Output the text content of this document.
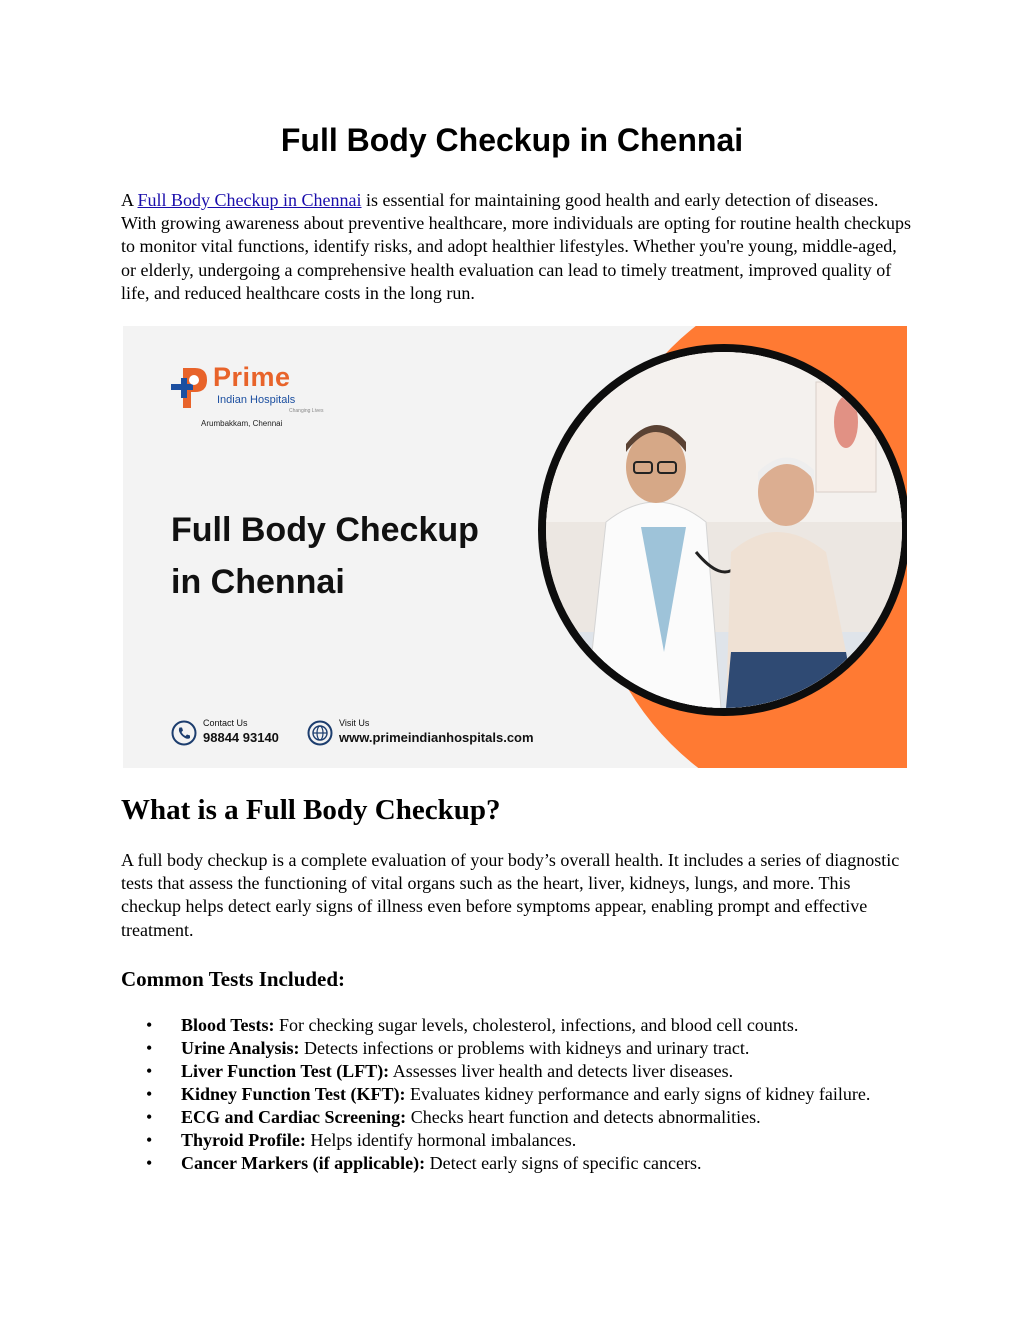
Full Body Checkup in Chennai

A Full Body Checkup in Chennai is essential for maintaining good health and early detection of diseases. With growing awareness about preventive healthcare, more individuals are opting for routine health checkups to monitor vital functions, identify risks, and adopt healthier lifestyles. Whether you're young, middle-aged, or elderly, undergoing a comprehensive health evaluation can lead to timely treatment, improved quality of life, and reduced healthcare costs in the long run.

Prime
Indian Hospitals
Changing Lives
Arumbakkam, Chennai
Full Body Checkup
in Chennai
Contact Us
98844 93140
Visit Us
www.primeindianhospitals.com
What is a Full Body Checkup?

A full body checkup is a complete evaluation of your body’s overall health. It includes a series of diagnostic tests that assess the functioning of vital organs such as the heart, liver, kidneys, lungs, and more. This checkup helps detect early signs of illness even before symptoms appear, enabling prompt and effective treatment.

Common Tests Included:
• Blood Tests: For checking sugar levels, cholesterol, infections, and blood cell counts.
• Urine Analysis: Detects infections or problems with kidneys and urinary tract.
• Liver Function Test (LFT): Assesses liver health and detects liver diseases.
• Kidney Function Test (KFT): Evaluates kidney performance and early signs of kidney failure.
• ECG and Cardiac Screening: Checks heart function and detects abnormalities.
• Thyroid Profile: Helps identify hormonal imbalances.
• Cancer Markers (if applicable): Detect early signs of specific cancers.
